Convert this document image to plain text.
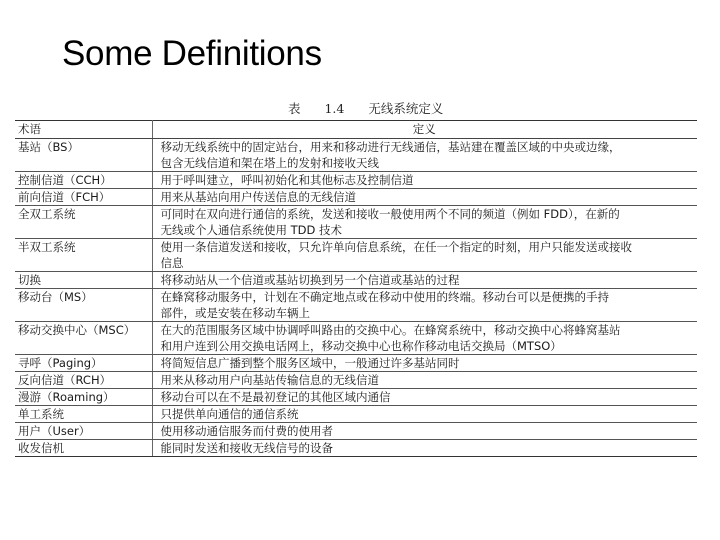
Some Definitions
表 1.4 无线系统定义
术语	定义
基站（BS）	移动无线系统中的固定站台，用来和移动进行无线通信，基站建在覆盖区域的中央或边缘，
包含无线信道和架在塔上的发射和接收天线

控制信道（CCH）	用于呼叫建立，呼叫初始化和其他标志及控制信道

前向信道（FCH）	用来从基站向用户传送信息的无线信道

全双工系统	可同时在双向进行通信的系统，发送和接收一般使用两个不同的频道（例如 FDD），在新的
无线或个人通信系统使用 TDD 技术

半双工系统	使用一条信道发送和接收，只允许单向信息系统，在任一个指定的时刻，用户只能发送或接收
信息

切换	将移动站从一个信道或基站切换到另一个信道或基站的过程

移动台（MS）	在蜂窝移动服务中，计划在不确定地点或在移动中使用的终端。移动台可以是便携的手持
部件，或是安装在移动车辆上

移动交换中心（MSC）	在大的范围服务区域中协调呼叫路由的交换中心。在蜂窝系统中，移动交换中心将蜂窝基站
和用户连到公用交换电话网上，移动交换中心也称作移动电话交换局（MTSO）

寻呼（Paging）	将简短信息广播到整个服务区域中，一般通过许多基站同时

反向信道（RCH）	用来从移动用户向基站传输信息的无线信道

漫游（Roaming）	移动台可以在不是最初登记的其他区域内通信

单工系统	只提供单向通信的通信系统

用户（User）	使用移动通信服务而付费的使用者

收发信机	能同时发送和接收无线信号的设备
